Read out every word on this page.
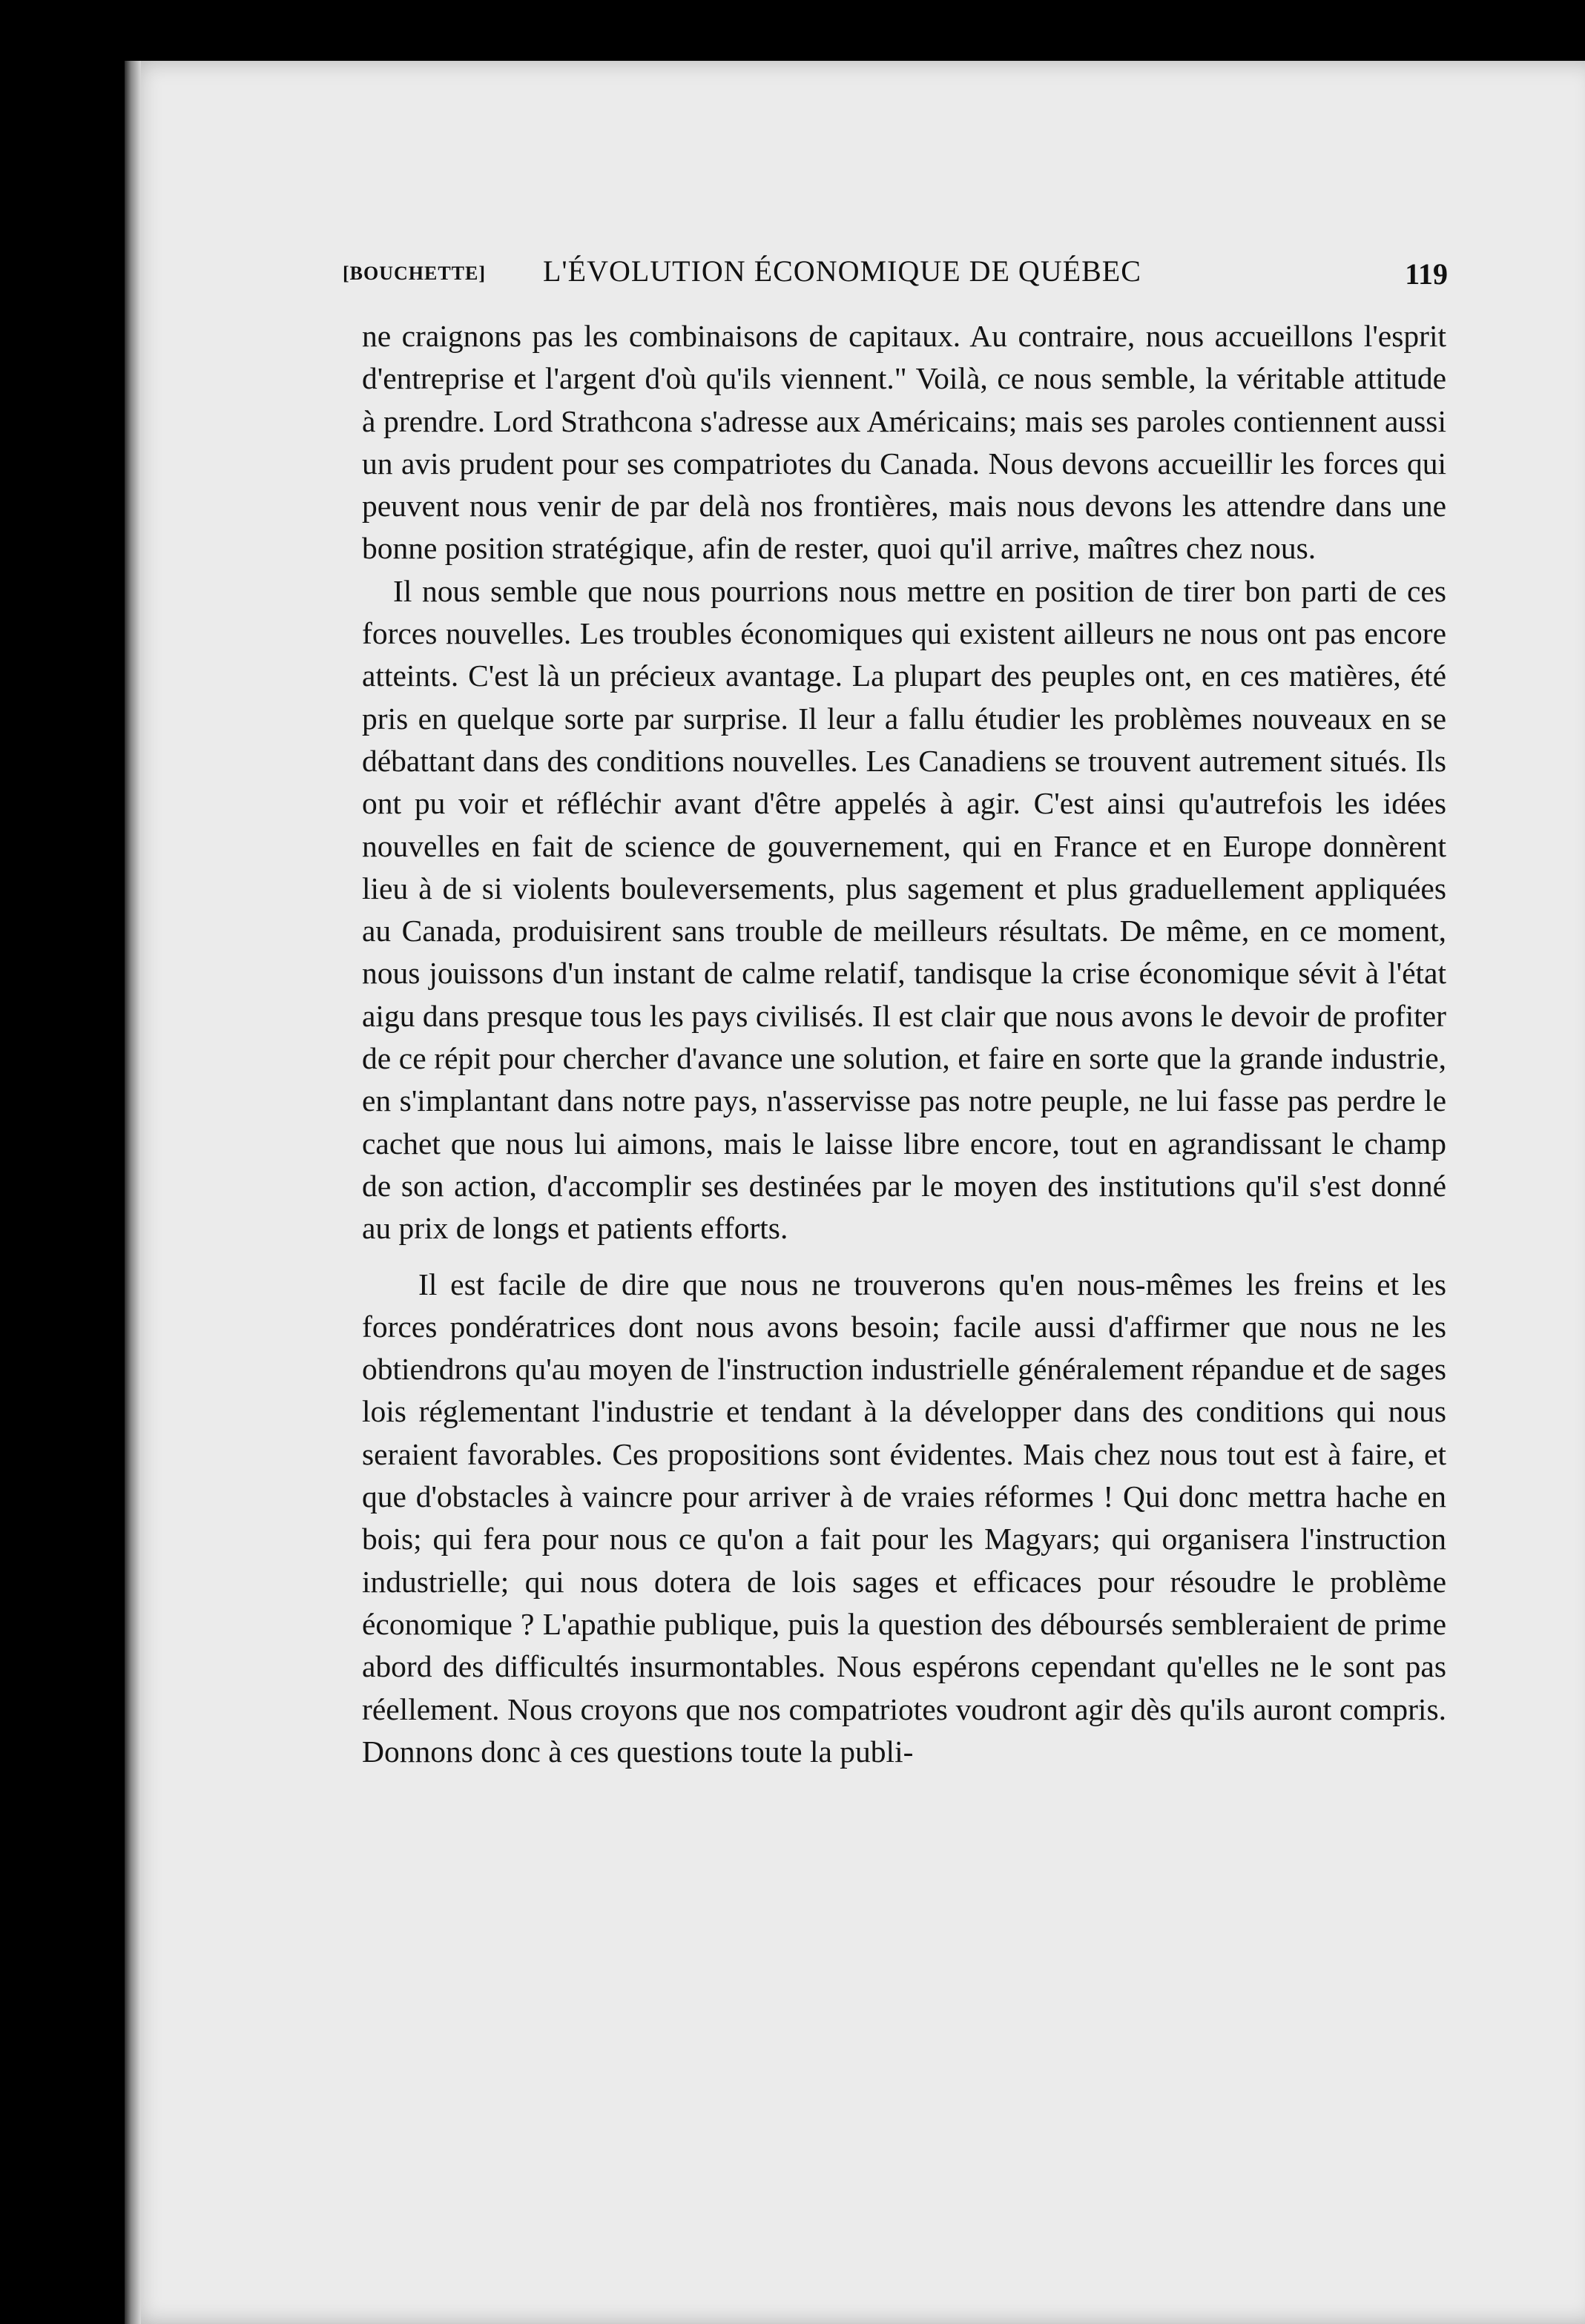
[BOUCHETTE] L'ÉVOLUTION ÉCONOMIQUE DE QUÉBEC	119

ne craignons pas les combinaisons de capitaux. Au contraire, nous accueillons l'esprit d'entreprise et l'argent d'où qu'ils viennent." Voilà, ce nous semble, la véritable attitude à prendre. Lord Strathcona s'adresse aux Américains; mais ses paroles contiennent aussi un avis prudent pour ses compatriotes du Canada. Nous devons accueillir les forces qui peuvent nous venir de par delà nos frontières, mais nous devons les attendre dans une bonne position stratégique, afin de rester, quoi qu'il arrive, maîtres chez nous.

Il nous semble que nous pourrions nous mettre en position de tirer bon parti de ces forces nouvelles. Les troubles économiques qui existent ailleurs ne nous ont pas encore atteints. C'est là un précieux avantage. La plupart des peuples ont, en ces matières, été pris en quelque sorte par surprise. Il leur a fallu étudier les problèmes nouveaux en se débattant dans des conditions nouvelles. Les Canadiens se trouvent autrement situés. Ils ont pu voir et réfléchir avant d'être appelés à agir. C'est ainsi qu'autrefois les idées nouvelles en fait de science de gouvernement, qui en France et en Europe donnèrent lieu à de si violents bouleversements, plus sagement et plus graduellement appliquées au Canada, produisirent sans trouble de meilleurs résultats. De même, en ce moment, nous jouissons d'un instant de calme relatif, tandisque la crise économique sévit à l'état aigu dans presque tous les pays civilisés. Il est clair que nous avons le devoir de profiter de ce répit pour chercher d'avance une solution, et faire en sorte que la grande industrie, en s'implantant dans notre pays, n'asservisse pas notre peuple, ne lui fasse pas perdre le cachet que nous lui aimons, mais le laisse libre encore, tout en agrandissant le champ de son action, d'accomplir ses destinées par le moyen des institutions qu'il s'est donné au prix de longs et patients efforts.

Il est facile de dire que nous ne trouverons qu'en nous-mêmes les freins et les forces pondératrices dont nous avons besoin; facile aussi d'affirmer que nous ne les obtiendrons qu'au moyen de l'instruction industrielle généralement répandue et de sages lois réglementant l'industrie et tendant à la développer dans des conditions qui nous seraient favorables. Ces propositions sont évidentes. Mais chez nous tout est à faire, et que d'obstacles à vaincre pour arriver à de vraies réformes ! Qui donc mettra hache en bois; qui fera pour nous ce qu'on a fait pour les Magyars; qui organisera l'instruction industrielle; qui nous dotera de lois sages et efficaces pour résoudre le problème économique ? L'apathie publique, puis la question des déboursés sembleraient de prime abord des difficultés insurmontables. Nous espérons cependant qu'elles ne le sont pas réellement. Nous croyons que nos compatriotes voudront agir dès qu'ils auront compris. Donnons donc à ces questions toute la publi-
